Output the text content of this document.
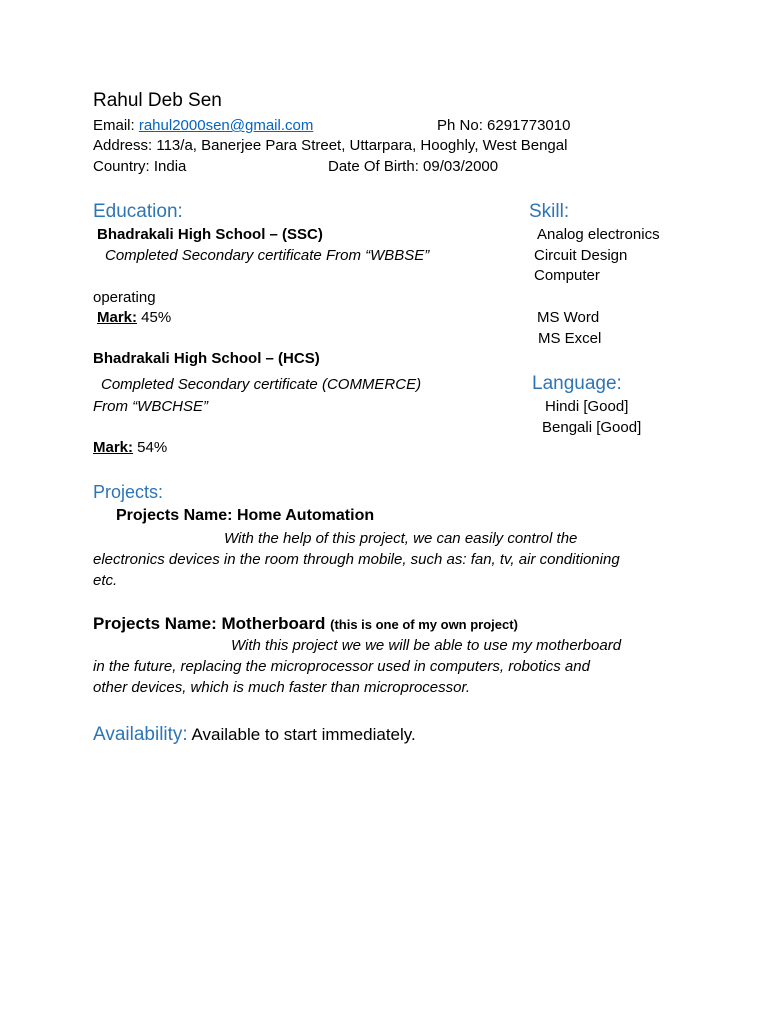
Rahul Deb Sen
Email: rahul2000sen@gmail.com	Ph No: 6291773010
Address: 113/a, Banerjee Para Street, Uttarpara, Hooghly, West Bengal
Country: India	Date Of Birth: 09/03/2000
Education:
Bhadrakali High School – (SSC)
Completed Secondary certificate From “WBBSE”
operating
Mark: 45%
Bhadrakali High School – (HCS)
Completed Secondary certificate (COMMERCE)
From “WBCHSE”
Mark: 54%
Skill:
Analog electronics
Circuit Design
Computer
MS Word
MS Excel
Language:
Hindi [Good]
Bengali [Good]
Projects:
Projects Name: Home Automation
With the help of this project, we can easily control the
electronics devices in the room through mobile, such as: fan, tv, air conditioning
etc.
Projects Name: Motherboard (this is one of my own project)
With this project we we will be able to use my motherboard
in the future, replacing the microprocessor used in computers, robotics and
other devices, which is much faster than microprocessor.
Availability: Available to start immediately.
